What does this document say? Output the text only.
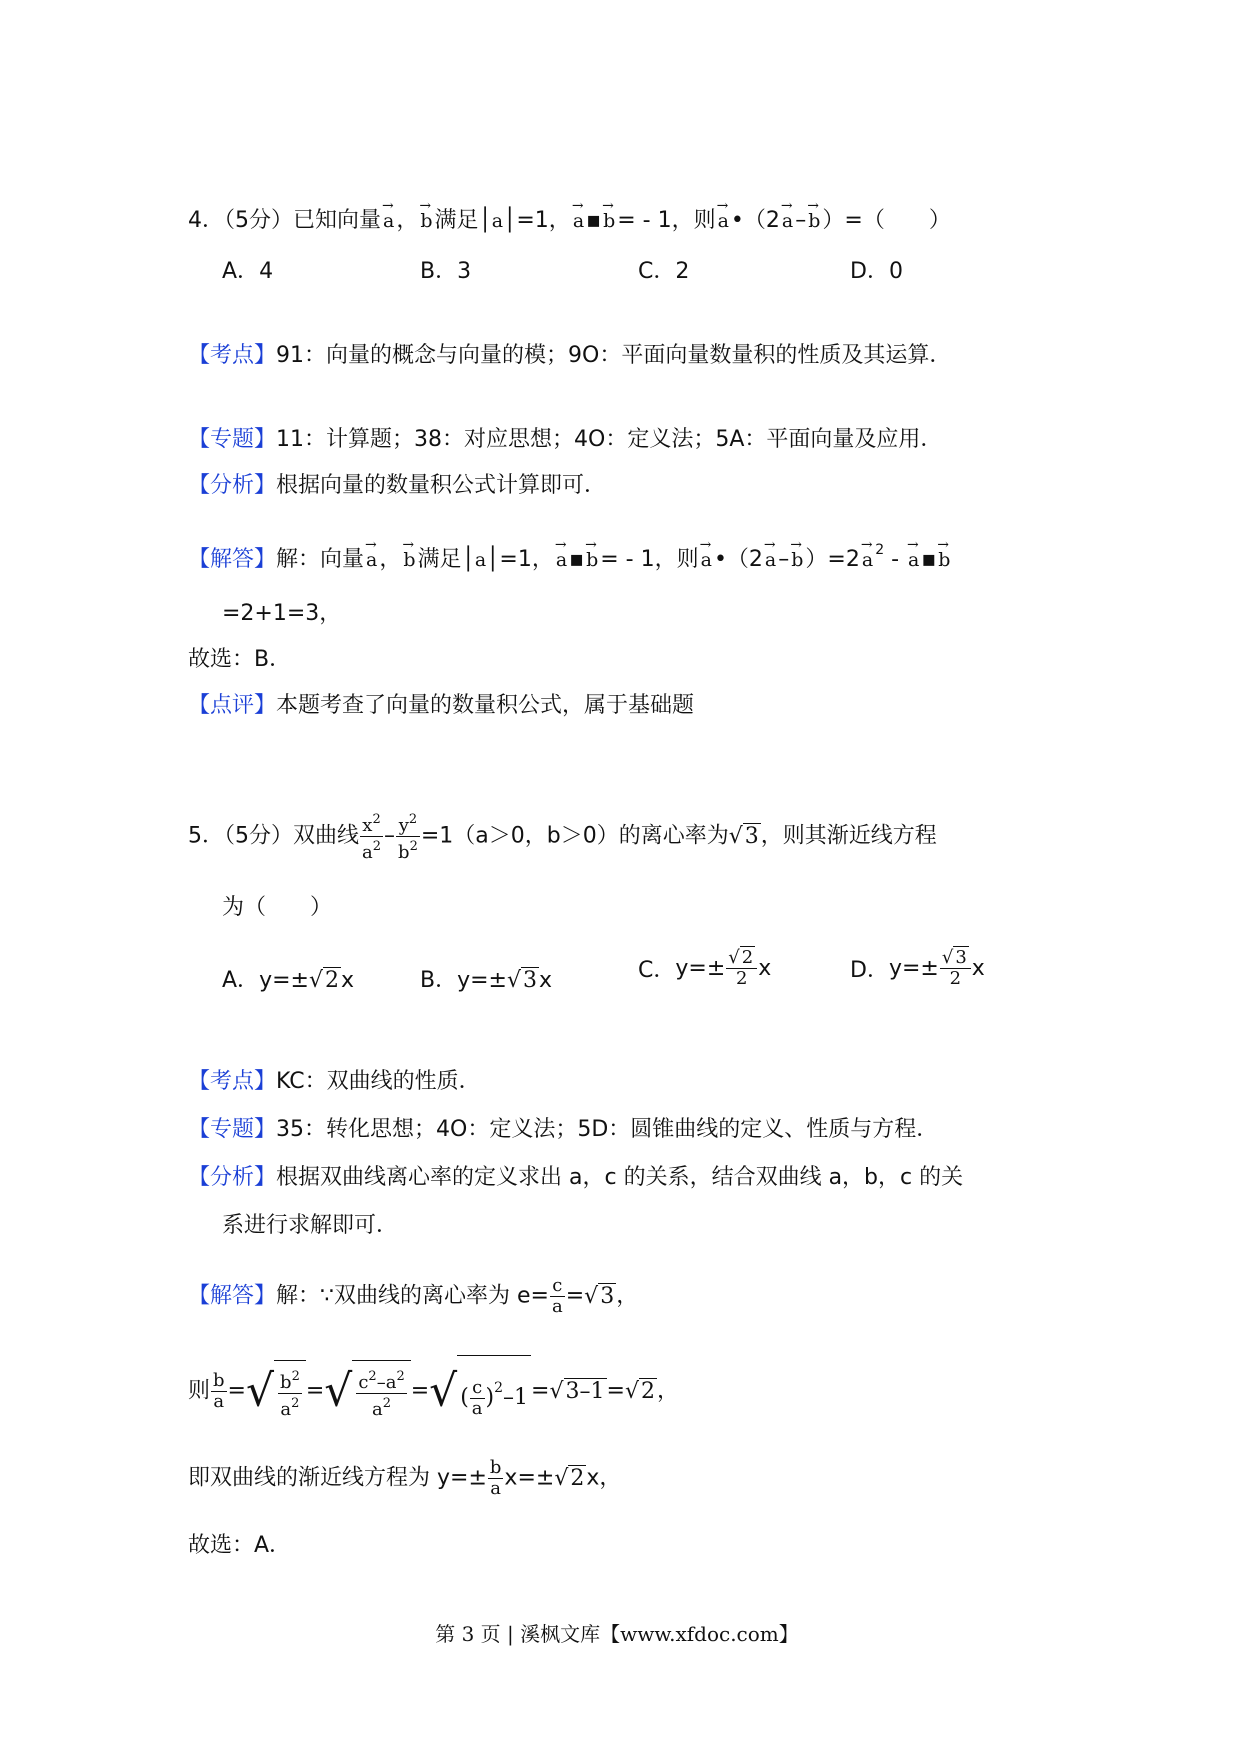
4．（5分）已知向量 → a， → b满足│a│=1， → a▪ → b= - 1，则 → a•（2 → a– → b）=（　　）
A．4	B．3	C．2	D．0
【考点】91：向量的概念与向量的模；9O：平面向量数量积的性质及其运算．
【专题】11：计算题；38：对应思想；4O：定义法；5A：平面向量及应用．
【分析】根据向量的数量积公式计算即可．
【解答】解：向量 → a， → b满足│a│=1， → a▪ → b= - 1，则 → a•（2 → a– → b）=2 → a $^2$ - → a▪ → b
=2+1=3，
故选：B．
【点评】本题考查了向量的数量积公式，属于基础题
5．（5分）双曲线 $\frac{x^2}{a^2} - \frac{y^2}{b^2} =1(a>0$，b＞0）的离心率为√3，则其渐近线方程
为（　　）
A．y=±√2x	B．y=±√3x	C．$y=\pm \frac{√ 2}{2}$ x	D．$y=\pm \frac{√ 3}{2}$ x
【考点】KC：双曲线的性质．
【专题】35：转化思想；4O：定义法；5D：圆锥曲线的定义、性质与方程．
【分析】根据双曲线离心率的定义求出 a，c 的关系，结合双曲线 a，b，c 的关
系进行求解即可．
【解答】解：∵双曲线的离心率为 $e= \frac{c}{a} =√3$，
则 $\frac{b}{a}$ =√ $\frac{b^2}{a^2}$ =√ $\frac{c^2-a^2}{a^2}$ =√ ( $\frac{c}{a} )^2-1 =√3-1=√2$，
即双曲线的渐近线方程为 $y=\pm \frac{b}{a} x=\pm√2x$，
故选：A．
第 3 页 | 溪枫文库【www.xfdoc.com】
